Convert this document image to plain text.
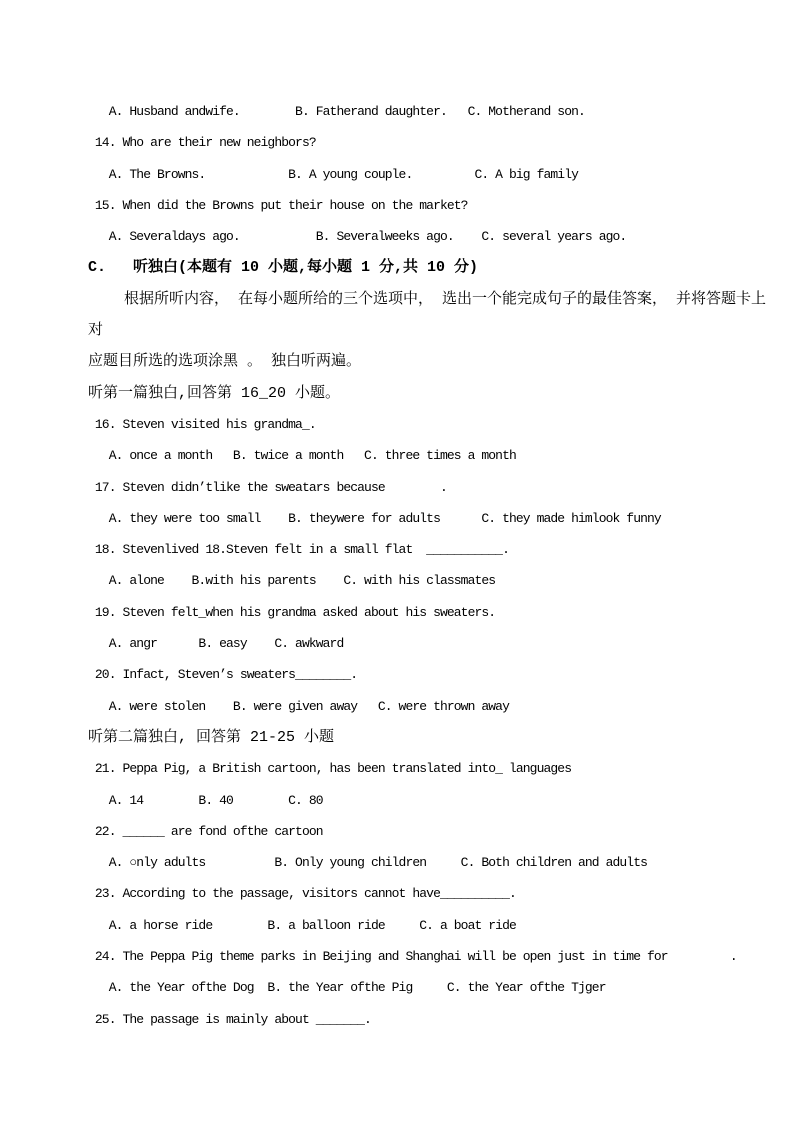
A. Husband andwife.        B. Fatherand daughter.   C. Motherand son.
14. Who are their new neighbors?
A. The Browns.            B. A young couple.         C. A big family
15. When did the Browns put their house on the market?
A. Severaldays ago.           B. Severalweeks ago.    C. several years ago.
C.   听独白(本题有 10 小题,每小题 1 分,共 10 分)
根据所听内容， 在每小题所给的三个选项中， 选出一个能完成句子的最佳答案， 并将答题卡上
对
应题目所选的选项涂黑 。 独白听两遍。
听第一篇独白,回答第 16_20 小题。
16. Steven visited his grandma_.
A. once a month   B. twice a month   C. three times a month
17. Steven didn’tlike the sweatars because        .
A. they were too small    B. theywere for adults      C. they made himlook funny
18. Stevenlived 18.Steven felt in a small flat  ___________.
A. alone    B.with his parents    C. with his classmates
19. Steven felt_when his grandma asked about his sweaters.
A. angr      B. easy    C. awkward
20. Infact, Steven’s sweaters________.
A. were stolen    B. were given away   C. were thrown away
听第二篇独白, 回答第 21-25 小题
21. Peppa Pig, a British cartoon, has been translated into_ languages
A. 14        B. 40        C. 80
22. ______ are fond ofthe cartoon
A. ○nly adults          B. Only young children     C. Both children and adults
23. According to the passage, visitors cannot have__________.
A. a horse ride        B. a balloon ride     C. a boat ride
24. The Peppa Pig theme parks in Beijing and Shanghai will be open just in time for         .
A. the Year ofthe Dog  B. the Year ofthe Pig     C. the Year ofthe Tjger
25. The passage is mainly about _______.
